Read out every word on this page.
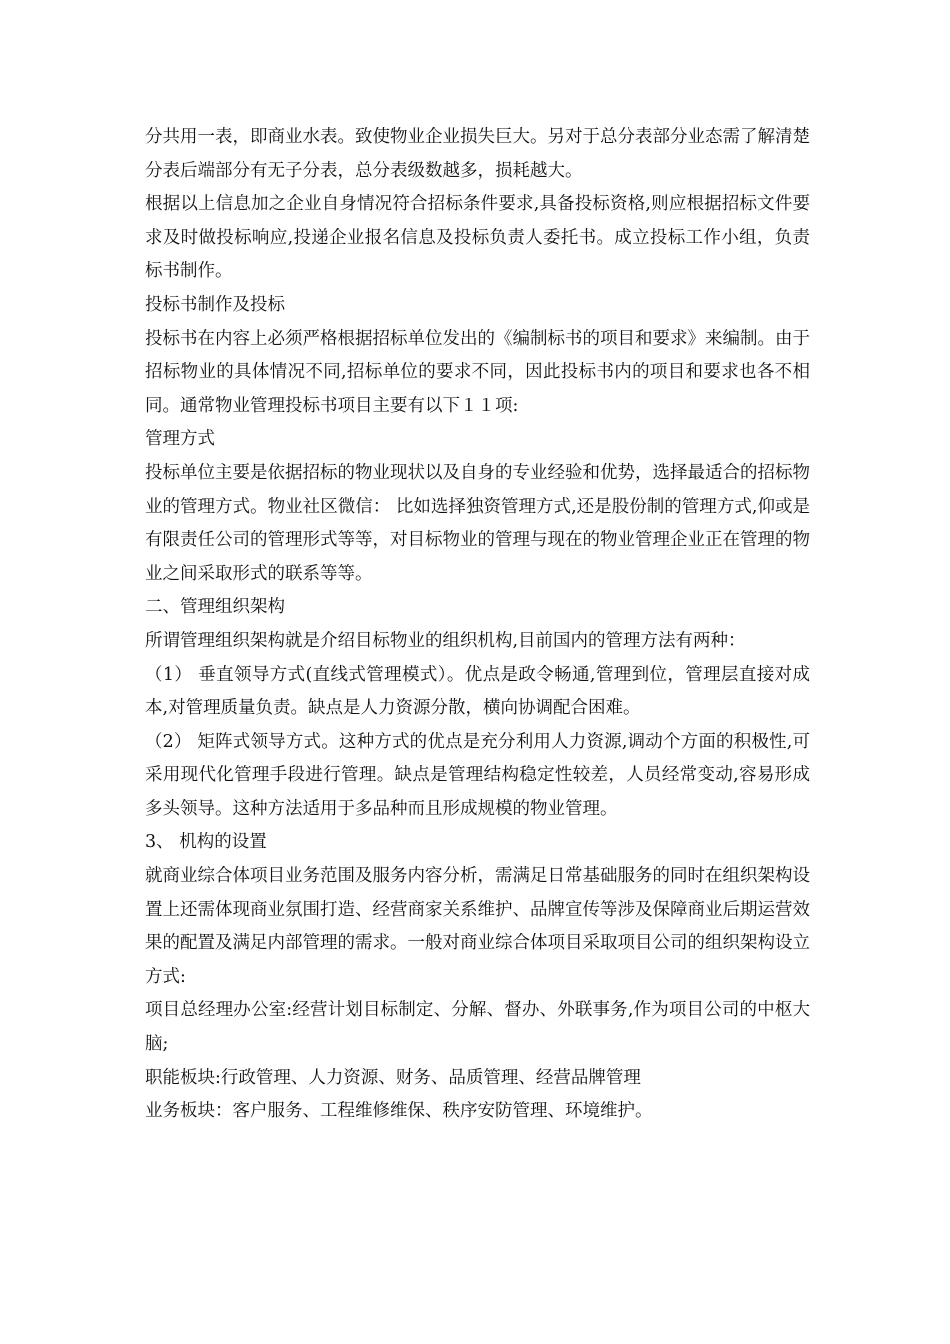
分共用一表，即商业水表。致使物业企业损失巨大。另对于总分表部分业态需了解清楚分表后端部分有无子分表，总分表级数越多，损耗越大。

根据以上信息加之企业自身情况符合招标条件要求,具备投标资格,则应根据招标文件要求及时做投标响应,投递企业报名信息及投标负责人委托书。成立投标工作小组，负责标书制作。

投标书制作及投标

投标书在内容上必须严格根据招标单位发出的《编制标书的项目和要求》来编制。由于招标物业的具体情况不同,招标单位的要求不同，因此投标书内的项目和要求也各不相同。通常物业管理投标书项目主要有以下１１项:

管理方式

投标单位主要是依据招标的物业现状以及自身的专业经验和优势，选择最适合的招标物业的管理方式。物业社区微信： 比如选择独资管理方式,还是股份制的管理方式,仰或是有限责任公司的管理形式等等，对目标物业的管理与现在的物业管理企业正在管理的物业之间采取形式的联系等等。

二、管理组织架构

所谓管理组织架构就是介绍目标物业的组织机构,目前国内的管理方法有两种：

（1） 垂直领导方式(直线式管理模式）。优点是政令畅通,管理到位，管理层直接对成本,对管理质量负责。缺点是人力资源分散，横向协调配合困难。

（2） 矩阵式领导方式。这种方式的优点是充分利用人力资源,调动个方面的积极性,可采用现代化管理手段进行管理。缺点是管理结构稳定性较差，人员经常变动,容易形成多头领导。这种方法适用于多品种而且形成规模的物业管理。

3、 机构的设置

就商业综合体项目业务范围及服务内容分析，需满足日常基础服务的同时在组织架构设置上还需体现商业氛围打造、经营商家关系维护、品牌宣传等涉及保障商业后期运营效果的配置及满足内部管理的需求。一般对商业综合体项目采取项目公司的组织架构设立方式:

项目总经理办公室:经营计划目标制定、分解、督办、外联事务,作为项目公司的中枢大脑;

职能板块:行政管理、人力资源、财务、品质管理、经营品牌管理

业务板块：客户服务、工程维修维保、秩序安防管理、环境维护。
